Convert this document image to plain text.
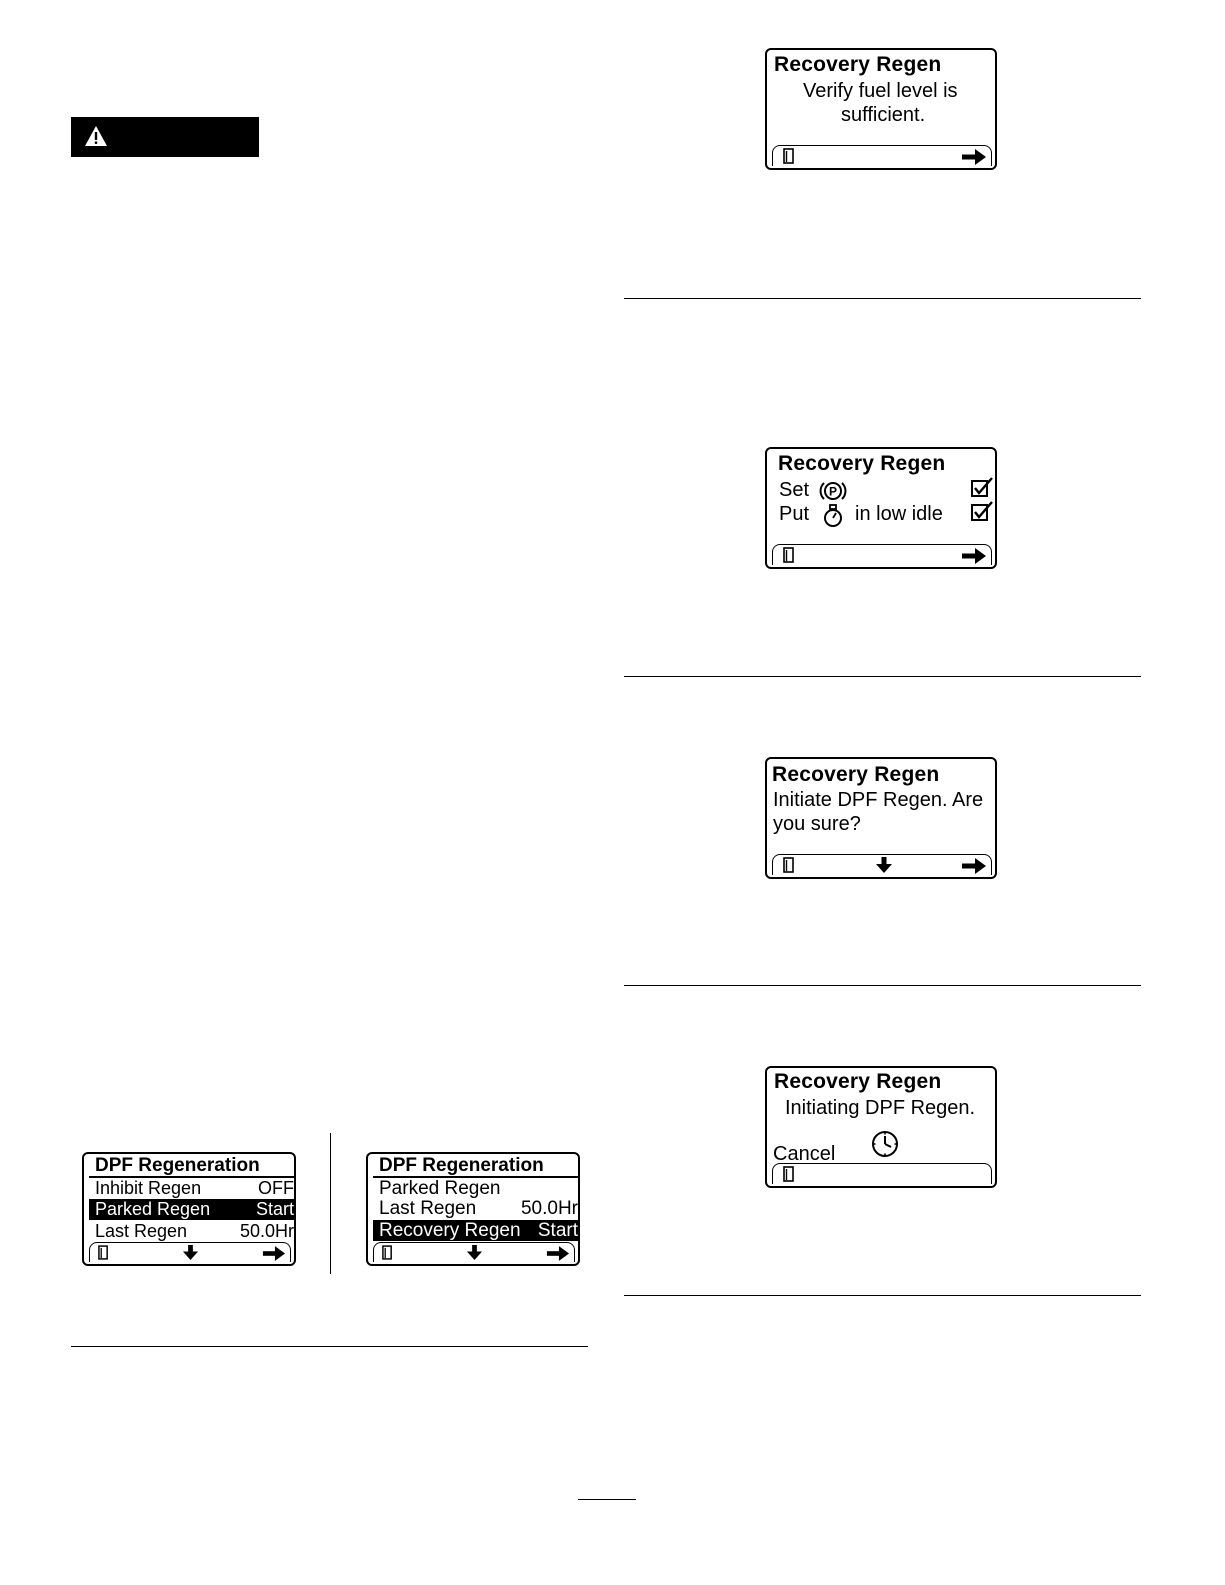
Recovery Regen
Verify fuel level is
sufficient.
Recovery Regen
Set P
Put in low idle
Recovery Regen
Initiate DPF Regen. Are
you sure?
Recovery Regen
Initiating DPF Regen.
Cancel
DPF Regeneration
Inhibit Regen	OFF
Parked Regen	Start
Last Regen	50.0Hr
DPF Regeneration
Parked Regen
Last Regen 50.0Hr
Recovery Regen Start
